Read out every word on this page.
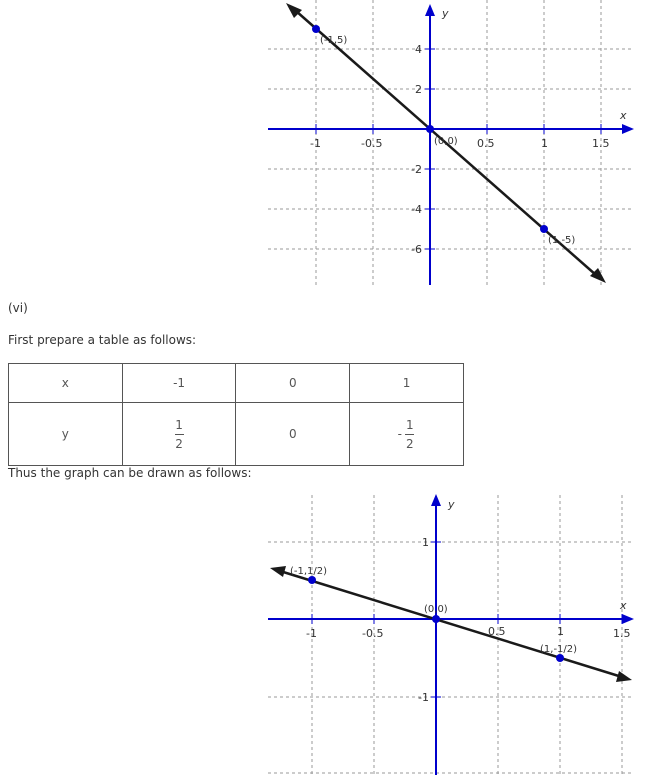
-1	-0.5	0.5	1	1.5
4
2
-2
-4
-6
x
y
(-1,5)
(0,0)
(1,-5)
(vi)
First prepare a table as follows:
x	-1	0	1
y	$\frac{1}{2}$	0	- $\frac{1}{2}$
Thus the graph can be drawn as follows:
-1	-0.5	0.5	1	1.5
1
-1
x
y
(-1,1/2)
(0,0)
(1,-1/2)
